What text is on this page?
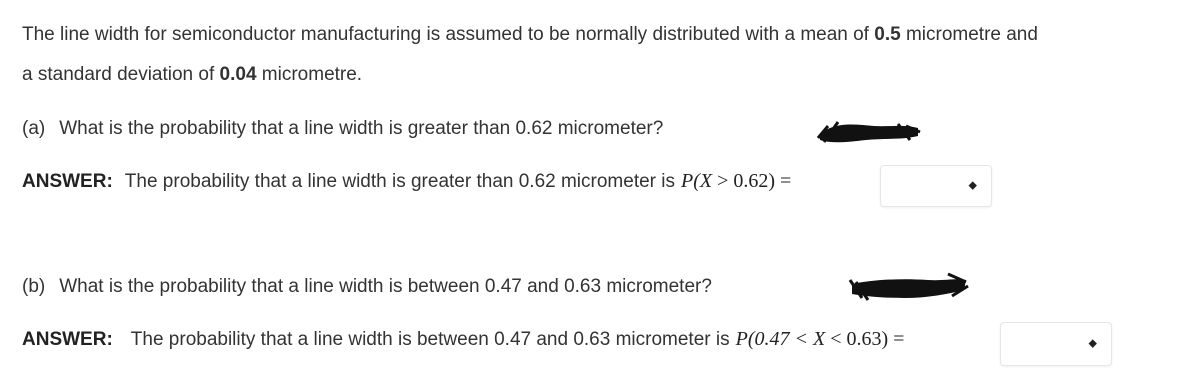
The line width for semiconductor manufacturing is assumed to be normally distributed with a mean of 0.5 micrometre and
a standard deviation of 0.04 micrometre.
(a) What is the probability that a line width is greater than 0.62 micrometer?
ANSWER: The probability that a line width is greater than 0.62 micrometer is P(X > 0.62) =	◆
(b) What is the probability that a line width is between 0.47 and 0.63 micrometer?
ANSWER: The probability that a line width is between 0.47 and 0.63 micrometer is P(0.47 < X < 0.63) =	◆
